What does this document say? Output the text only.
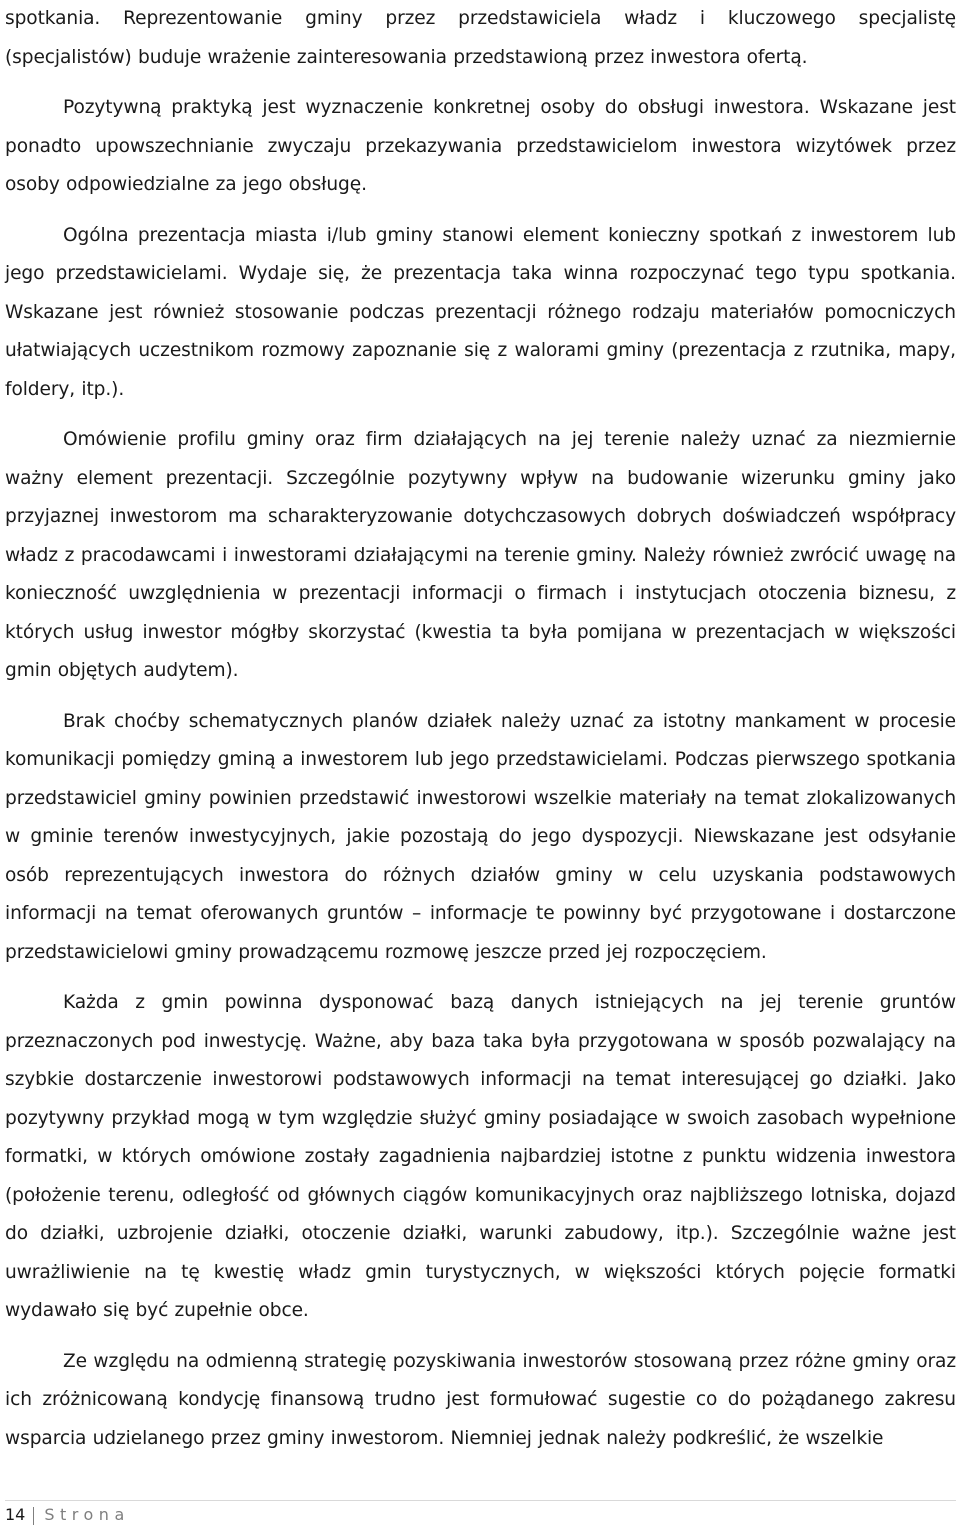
spotkania. Reprezentowanie gminy przez przedstawiciela władz i kluczowego specjalistę (specjalistów) buduje wrażenie zainteresowania przedstawioną przez inwestora ofertą.

Pozytywną praktyką jest wyznaczenie konkretnej osoby do obsługi inwestora. Wskazane jest ponadto upowszechnianie zwyczaju przekazywania przedstawicielom inwestora wizytówek przez osoby odpowiedzialne za jego obsługę.

Ogólna prezentacja miasta i/lub gminy stanowi element konieczny spotkań z inwestorem lub jego przedstawicielami. Wydaje się, że prezentacja taka winna rozpoczynać tego typu spotkania. Wskazane jest również stosowanie podczas prezentacji różnego rodzaju materiałów pomocniczych ułatwiających uczestnikom rozmowy zapoznanie się z walorami gminy (prezentacja z rzutnika, mapy, foldery, itp.).

Omówienie profilu gminy oraz firm działających na jej terenie należy uznać za niezmiernie ważny element prezentacji. Szczególnie pozytywny wpływ na budowanie wizerunku gminy jako przyjaznej inwestorom ma scharakteryzowanie dotychczasowych dobrych doświadczeń współpracy władz z pracodawcami i inwestorami działającymi na terenie gminy. Należy również zwrócić uwagę na konieczność uwzględnienia w prezentacji informacji o firmach i instytucjach otoczenia biznesu, z których usług inwestor mógłby skorzystać (kwestia ta była pomijana w prezentacjach w większości gmin objętych audytem).

Brak choćby schematycznych planów działek należy uznać za istotny mankament w procesie komunikacji pomiędzy gminą a inwestorem lub jego przedstawicielami. Podczas pierwszego spotkania przedstawiciel gminy powinien przedstawić inwestorowi wszelkie materiały na temat zlokalizowanych w gminie terenów inwestycyjnych, jakie pozostają do jego dyspozycji. Niewskazane jest odsyłanie osób reprezentujących inwestora do różnych działów gminy w celu uzyskania podstawowych informacji na temat oferowanych gruntów – informacje te powinny być przygotowane i dostarczone przedstawicielowi gminy prowadzącemu rozmowę jeszcze przed jej rozpoczęciem.

Każda z gmin powinna dysponować bazą danych istniejących na jej terenie gruntów przeznaczonych pod inwestycję. Ważne, aby baza taka była przygotowana w sposób pozwalający na szybkie dostarczenie inwestorowi podstawowych informacji na temat interesującej go działki. Jako pozytywny przykład mogą w tym względzie służyć gminy posiadające w swoich zasobach wypełnione formatki, w których omówione zostały zagadnienia najbardziej istotne z punktu widzenia inwestora (położenie terenu, odległość od głównych ciągów komunikacyjnych oraz najbliższego lotniska, dojazd do działki, uzbrojenie działki, otoczenie działki, warunki zabudowy, itp.). Szczególnie ważne jest uwrażliwienie na tę kwestię władz gmin turystycznych, w większości których pojęcie formatki wydawało się być zupełnie obce.

Ze względu na odmienną strategię pozyskiwania inwestorów stosowaną przez różne gminy oraz ich zróżnicowaną kondycję finansową trudno jest formułować sugestie co do pożądanego zakresu wsparcia udzielanego przez gminy inwestorom. Niemniej jednak należy podkreślić, że wszelkie

14 Strona
